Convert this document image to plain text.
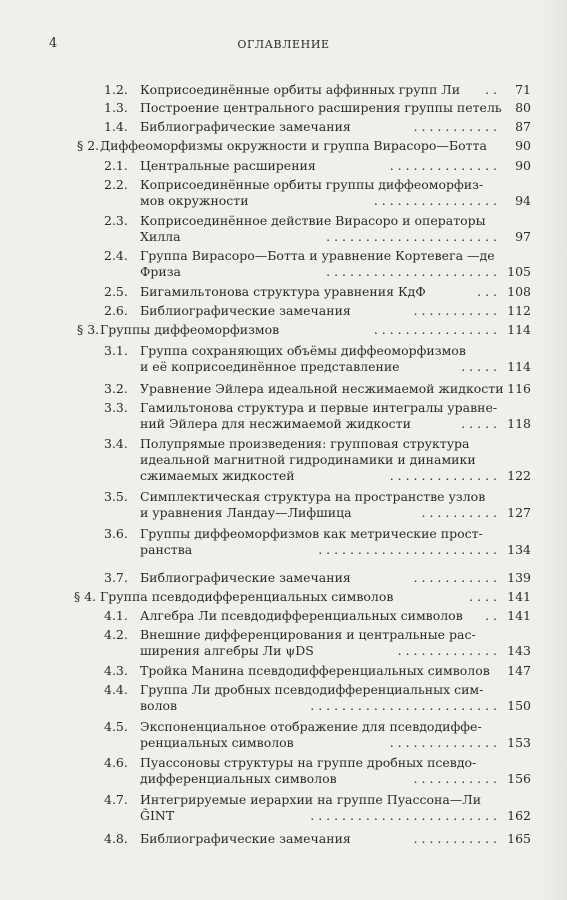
4	ОГЛАВЛЕНИЕ
1.2. Коприсоединённые орбиты аффинных групп Ли . . 71
1.3. Построение центрального расширения группы петель 80
1.4. Библиографические замечания	. . . . . . . . . . . 87
§ 2. Диффеоморфизмы окружности и группа Вирасоро—Ботта 90
2.1. Центральные расширения	. . . . . . . . . . . . . . 90
2.2. Коприсоединённые орбиты группы диффеоморфиз-
мов окружности	. . . . . . . . . . . . . . . . 94
2.3. Коприсоединённое действие Вирасоро и операторы
Хилла	. . . . . . . . . . . . . . . . . . . . . . 97
2.4. Группа Вирасоро—Ботта и уравнение Кортевега —де
Фриза	. . . . . . . . . . . . . . . . . . . . . . 105
2.5. Бигамильтонова структура уравнения КдФ	. . . 108
2.6. Библиографические замечания	. . . . . . . . . . . 112
§ 3. Группы диффеоморфизмов	. . . . . . . . . . . . . . . . 114
3.1. Группа сохраняющих объёмы диффеоморфизмов
и её коприсоединённое представление	. . . . . 114
3.2. Уравнение Эйлера идеальной несжимаемой жидкости 116
3.3. Гамильтонова структура и первые интегралы уравне-
ний Эйлера для несжимаемой жидкости	. . . . . 118
3.4. Полупрямые произведения: групповая структура
идеальной магнитной гидродинамики и динамики
сжимаемых жидкостей	. . . . . . . . . . . . . . 122
3.5. Симплектическая структура на пространстве узлов
и уравнения Ландау—Лифшица	. . . . . . . . . . 127
3.6. Группы диффеоморфизмов как метрические прост-
ранства	. . . . . . . . . . . . . . . . . . . . . . . 134
3.7. Библиографические замечания	. . . . . . . . . . . 139
§ 4. Группа псевдодифференциальных символов	. . . . 141
4.1. Алгебра Ли псевдодифференциальных символов . . 141
4.2. Внешние дифференцирования и центральные рас-
ширения алгебры Ли ψDS	. . . . . . . . . . . . . 143
4.3. Тройка Манина псевдодифференциальных символов 147
4.4. Группа Ли дробных псевдодифференциальных сим-
волов	. . . . . . . . . . . . . . . . . . . . . . . . 150
4.5. Экспоненциальное отображение для псевдодиффе-
ренциальных символов	. . . . . . . . . . . . . . 153
4.6. Пуассоновы структуры на группе дробных псевдо-
дифференциальных символов	. . . . . . . . . . . 156
4.7. Интегрируемые иерархии на группе Пуассона—Ли
G̃INT	. . . . . . . . . . . . . . . . . . . . . . . . 162
4.8. Библиографические замечания	. . . . . . . . . . . 165
